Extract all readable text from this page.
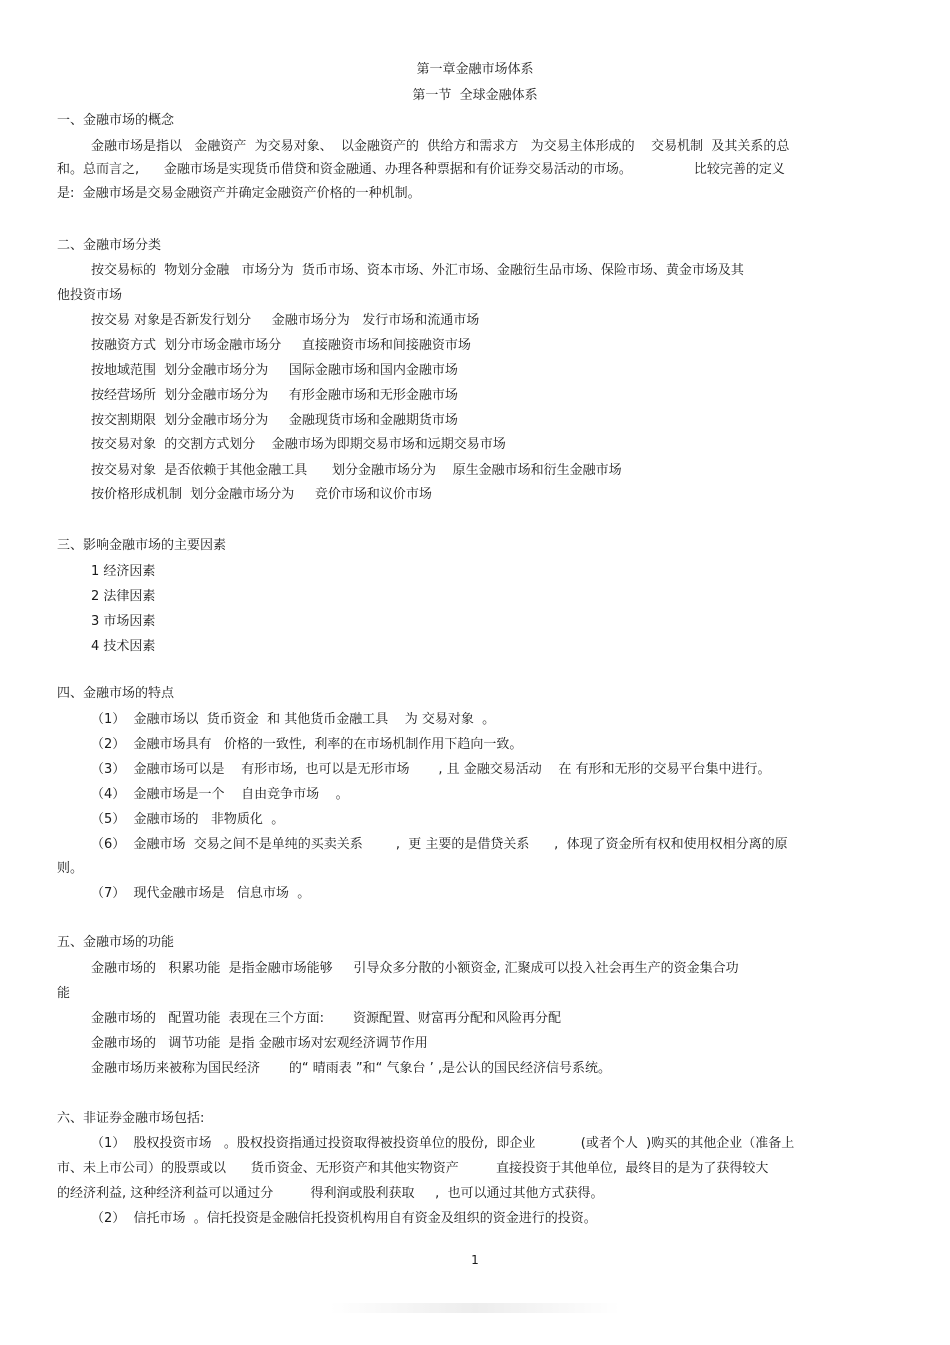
第一章金融市场体系
第一节  全球金融体系
一、金融市场的概念
金融市场是指以   金融资产  为交易对象、  以金融资产的  供给方和需求方   为交易主体形成的    交易机制  及其关系的总
和。总而言之,      金融市场是实现货币借贷和资金融通、办理各种票据和有价证券交易活动的市场。               比较完善的定义
是:  金融市场是交易金融资产并确定金融资产价格的一种机制。
二、金融市场分类
按交易标的  物划分金融   市场分为  货币市场、资本市场、外汇市场、金融衍生品市场、保险市场、黄金市场及其
他投资市场
按交易 对象是否新发行划分     金融市场分为   发行市场和流通市场
按融资方式  划分市场金融市场分     直接融资市场和间接融资市场
按地域范围  划分金融市场分为     国际金融市场和国内金融市场
按经营场所  划分金融市场分为     有形金融市场和无形金融市场
按交割期限  划分金融市场分为     金融现货市场和金融期货市场
按交易对象  的交割方式划分    金融市场为即期交易市场和远期交易市场
按交易对象  是否依赖于其他金融工具      划分金融市场分为    原生金融市场和衍生金融市场
按价格形成机制  划分金融市场分为     竞价市场和议价市场
三、影响金融市场的主要因素
1 经济因素
2 法律因素
3 市场因素
4 技术因素
四、金融市场的特点
（1）  金融市场以  货币资金  和 其他货币金融工具    为 交易对象  。
（2）  金融市场具有   价格的一致性,  利率的在市场机制作用下趋向一致。
（3）  金融市场可以是    有形市场,  也可以是无形市场       , 且 金融交易活动    在 有形和无形的交易平台集中进行。
（4）  金融市场是一个    自由竞争市场    。
（5）  金融市场的   非物质化  。
（6）  金融市场  交易之间不是单纯的买卖关系        ,  更 主要的是借贷关系      ,  体现了资金所有权和使用权相分离的原
则。
（7）  现代金融市场是   信息市场  。
五、金融市场的功能
金融市场的   积累功能  是指金融市场能够     引导众多分散的小额资金, 汇聚成可以投入社会再生产的资金集合功
能
金融市场的   配置功能  表现在三个方面:       资源配置、财富再分配和风险再分配
金融市场的   调节功能  是指 金融市场对宏观经济调节作用
金融市场历来被称为国民经济       的“ 晴雨表 ”和“ 气象台 ’ ,是公认的国民经济信号系统。
六、非证券金融市场包括:
（1）  股权投资市场   。股权投资指通过投资取得被投资单位的股份,  即企业           (或者个人  )购买的其他企业（准备上
市、未上市公司）的股票或以      货币资金、无形资产和其他实物资产         直接投资于其他单位,  最终目的是为了获得较大
的经济利益, 这种经济利益可以通过分         得利润或股利获取     ,  也可以通过其他方式获得。
（2）  信托市场  。信托投资是金融信托投资机构用自有资金及组织的资金进行的投资。
1
